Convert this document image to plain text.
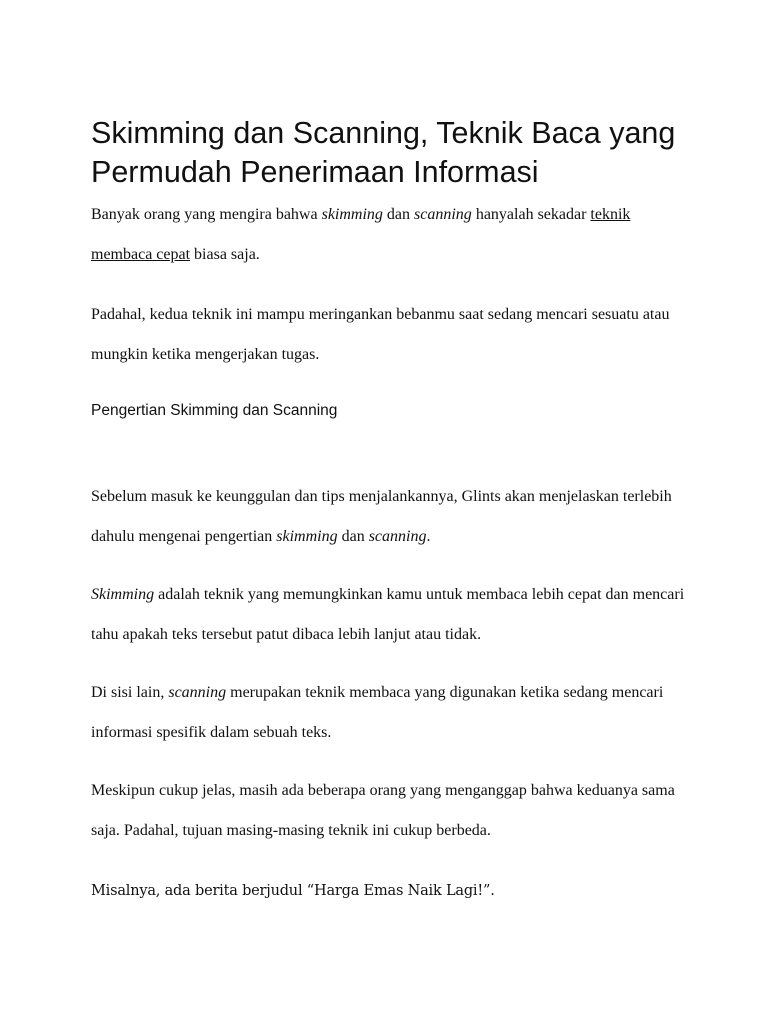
Skimming dan Scanning, Teknik Baca yang Permudah Penerimaan Informasi

Banyak orang yang mengira bahwa skimming dan scanning hanyalah sekadar teknik membaca cepat biasa saja.

Padahal, kedua teknik ini mampu meringankan bebanmu saat sedang mencari sesuatu atau mungkin ketika mengerjakan tugas.

Pengertian Skimming dan Scanning

Sebelum masuk ke keunggulan dan tips menjalankannya, Glints akan menjelaskan terlebih dahulu mengenai pengertian skimming dan scanning.

Skimming adalah teknik yang memungkinkan kamu untuk membaca lebih cepat dan mencari tahu apakah teks tersebut patut dibaca lebih lanjut atau tidak.

Di sisi lain, scanning merupakan teknik membaca yang digunakan ketika sedang mencari informasi spesifik dalam sebuah teks.

Meskipun cukup jelas, masih ada beberapa orang yang menganggap bahwa keduanya sama saja. Padahal, tujuan masing-masing teknik ini cukup berbeda.

Misalnya, ada berita berjudul “Harga Emas Naik Lagi!”.
